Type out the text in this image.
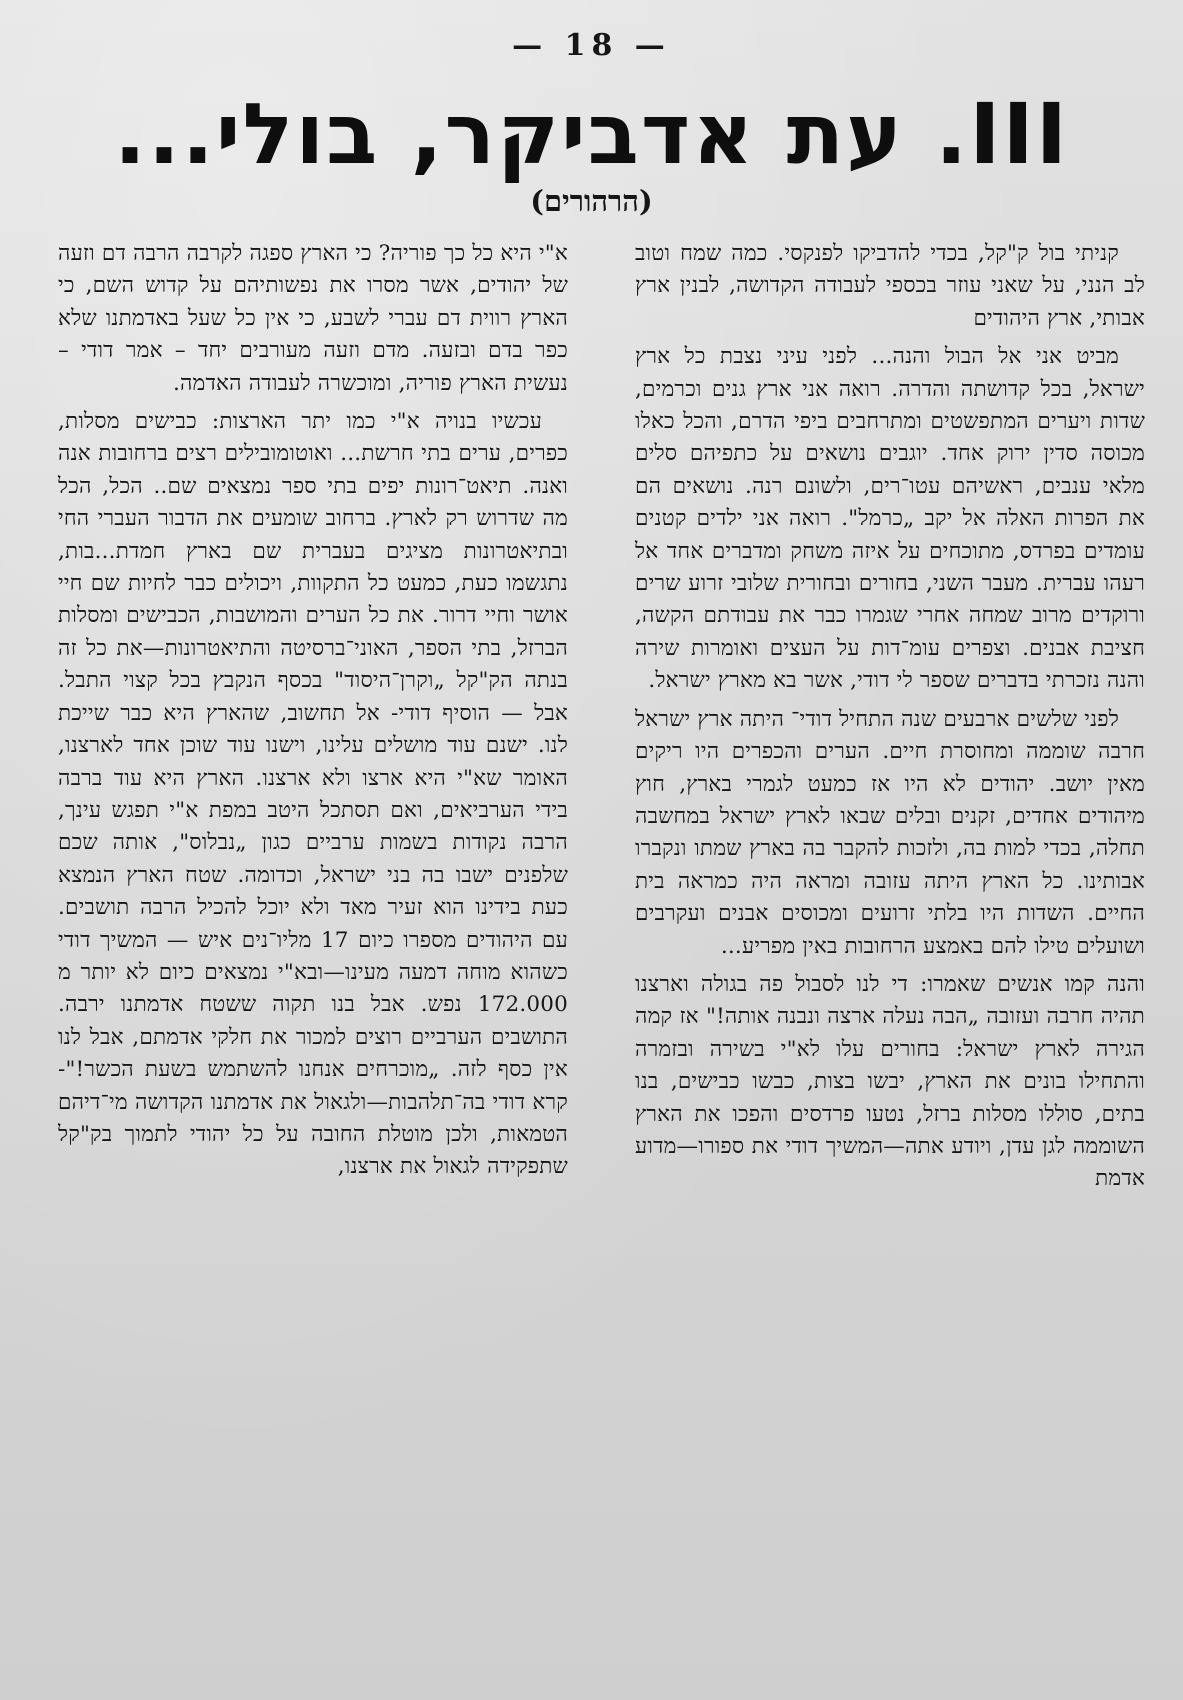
— 18 —
III. עת אדביקר, בולי...
(הרהורים)

קניתי בול ק"קל, בכדי להדביקו לפנקסי. כמה שמח וטוב לב הנני, על שאני עוזר בכספי לעבודה הקדושה, לבנין ארץ אבותי, ארץ היהודים

מביט אני אל הבול והנה... לפני עיני נצבת כל ארץ ישראל, בכל קדושתה והדרה. רואה אני ארץ גנים וכרמים, שדות ויערים המתפשטים ומתרחבים ביפי הדרם, והכל כאלו מכוסה סדין ירוק אחד. יוגבים נושאים על כתפיהם סלים מלאי ענבים, ראשיהם עטו־רים, ולשונם רנה. נושאים הם את הפרות האלה אל יקב „כרמל". רואה אני ילדים קטנים עומדים בפרדס, מתוכחים על איזה משחק ומדברים אחד אל רעהו עברית. מעבר השני, בחורים ובחורית שלובי זרוע שרים ורוקדים מרוב שמחה אחרי שגמרו כבר את עבודתם הקשה, חציבת אבנים. וצפרים עומ־דות על העצים ואומרות שירה והנה נזכרתי בדברים שספר לי דודי, אשר בא מארץ ישראל.

לפני שלשים ארבעים שנה התחיל דודי־ היתה ארץ ישראל חרבה שוממה ומחוסרת חיים. הערים והכפרים היו ריקים מאין יושב. יהודים לא היו אז כמעט לגמרי בארץ, חוץ מיהודים אחדים, זקנים ובלים שבאו לארץ ישראל במחשבה תחלה, בכדי למות בה, ולזכות להקבר בה בארץ שמתו ונקברו אבותינו. כל הארץ היתה עזובה ומראה היה כמראה בית החיים. השדות היו בלתי זרועים ומכוסים אבנים ועקרבים ושועלים טילו להם באמצע הרחובות באין מפריע...

והנה קמו אנשים שאמרו: די לנו לסבול פה בגולה וארצנו תהיה חרבה ועזובה „הבה נעלה ארצה ונבנה אותה!" אז קמה הגירה לארץ ישראל: בחורים עלו לא"י בשירה ובזמרה והתחילו בונים את הארץ, יבשו בצות, כבשו כבישים, בנו בתים, סוללו מסלות ברזל, נטעו פרדסים והפכו את הארץ השוממה לגן עדן, ויודע אתה—המשיך דודי את ספורו—מדוע אדמת

א"י היא כל כך פוריה? כי הארץ ספגה לקרבה הרבה דם וזעה של יהודים, אשר מסרו את נפשותיהם על קדוש השם, כי הארץ רווית דם עברי לשבע, כי אין כל שעל באדמתנו שלא כפר בדם ובזעה. מדם וזעה מעורבים יחד – אמר דודי – נעשית הארץ פוריה, ומוכשרה לעבודה האדמה.

עכשיו בנויה א"י כמו יתר הארצות: כבישים מסלות, כפרים, ערים בתי חרשת... ואוטומובילים רצים ברחובות אנה ואנה. תיאט־רונות יפים בתי ספר נמצאים שם.. הכל, הכל מה שדרוש רק לארץ. ברחוב שומעים את הדבור העברי החי ובתיאטרונות מציגים בעברית שם בארץ חמדת...בות, נתגשמו כעת, כמעט כל התקוות, ויכולים כבר לחיות שם חיי אושר וחיי דרור. את כל הערים והמושבות, הכבישים ומסלות הברזל, בתי הספר, האוני־ברסיטה והתיאטרונות—את כל זה בנתה הק"קל „וקרן־היסוד" בכסף הנקבץ בכל קצוי התבל. אבל — הוסיף דודי- אל תחשוב, שהארץ היא כבר שייכת לנו. ישנם עוד מושלים עלינו, וישנו עוד שוכן אחד לארצנו, האומר שא"י היא ארצו ולא ארצנו. הארץ היא עוד ברבה בידי הערביאים, ואם תסתכל היטב במפת א"י תפגש עינך, הרבה נקודות בשמות ערביים כגון „נבלוס", אותה שכם שלפנים ישבו בה בני ישראל, וכדומה. שטח הארץ הנמצא כעת בידינו הוא זעיר מאד ולא יוכל להכיל הרבה תושבים. עם היהודים מספרו כיום 17 מליו־נים איש — המשיך דודי כשהוא מוחה דמעה מעינו—ובא"י נמצאים כיום לא יותר מ 172.000 נפש. אבל בנו תקוה ששטח אדמתנו ירבה. התושבים הערביים רוצים למכור את חלקי אדמתם, אבל לנו אין כסף לזה. „מוכרחים אנחנו להשתמש בשעת הכשר!"-קרא דודי בה־תלהבות—ולגאול את אדמתנו הקדושה מי־דיהם הטמאות, ולכן מוטלת החובה על כל יהודי לתמוך בק"קל שתפקידה לגאול את ארצנו,
